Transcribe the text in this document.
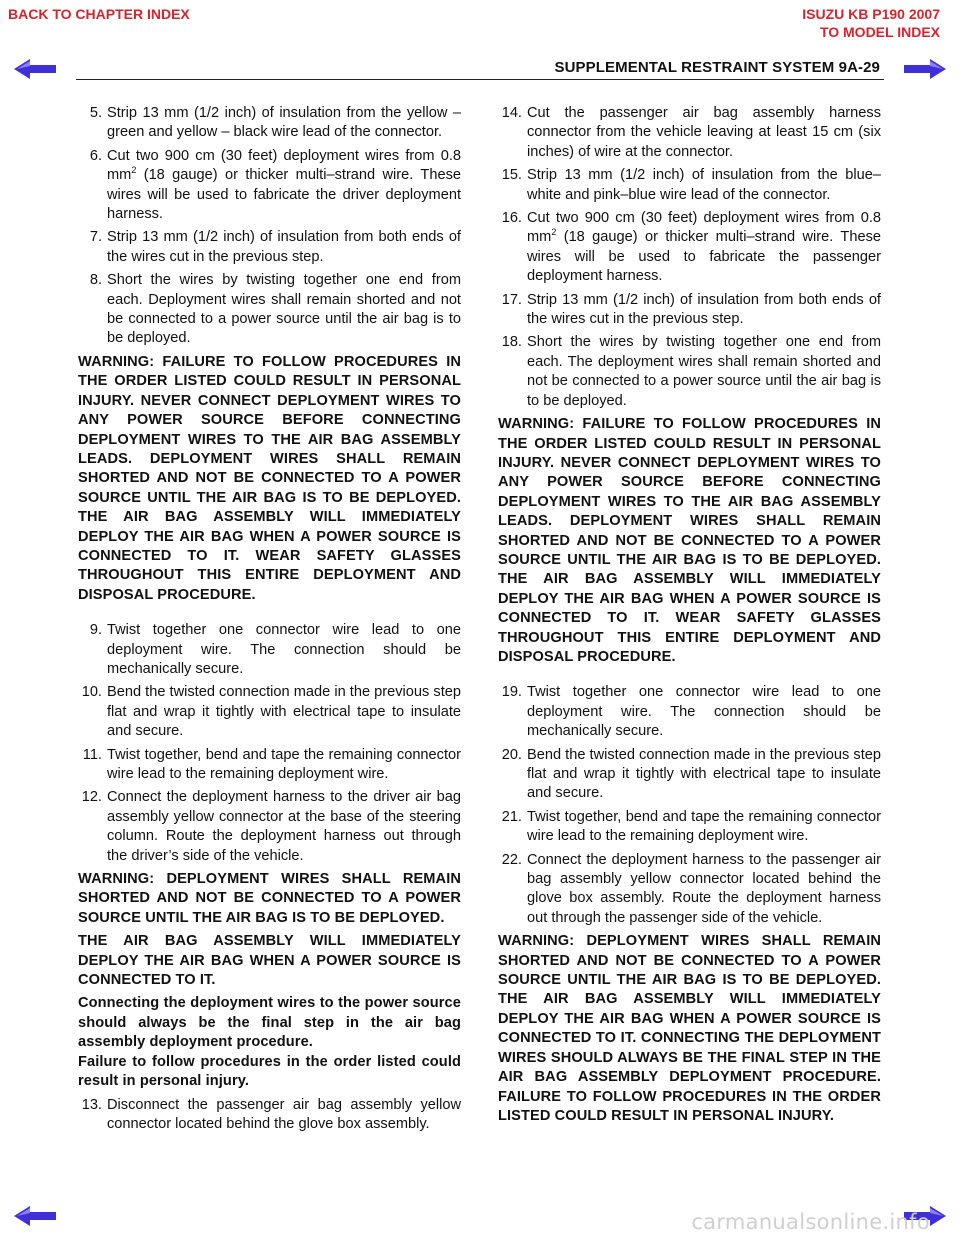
BACK TO CHAPTER INDEX	ISUZU KB P190 2007
TO MODEL INDEX
SUPPLEMENTAL RESTRAINT SYSTEM 9A-29
5. Strip 13 mm (1/2 inch) of insulation from the yellow – green and yellow – black wire lead of the connector.
6. Cut two 900 cm (30 feet) deployment wires from 0.8 $mm^2$ (18 gauge) or thicker multi–strand wire. These wires will be used to fabricate the driver deployment harness.
7. Strip 13 mm (1/2 inch) of insulation from both ends of the wires cut in the previous step.
8. Short the wires by twisting together one end from each. Deployment wires shall remain shorted and not be connected to a power source until the air bag is to be deployed.
WARNING: FAILURE TO FOLLOW PROCEDURES IN THE ORDER LISTED COULD RESULT IN PERSONAL INJURY. NEVER CONNECT DEPLOYMENT WIRES TO ANY POWER SOURCE BEFORE CONNECTING DEPLOYMENT WIRES TO THE AIR BAG ASSEMBLY LEADS. DEPLOYMENT WIRES SHALL REMAIN SHORTED AND NOT BE CONNECTED TO A POWER SOURCE UNTIL THE AIR BAG IS TO BE DEPLOYED. THE AIR BAG ASSEMBLY WILL IMMEDIATELY DEPLOY THE AIR BAG WHEN A POWER SOURCE IS CONNECTED TO IT. WEAR SAFETY GLASSES THROUGHOUT THIS ENTIRE DEPLOYMENT AND DISPOSAL PROCEDURE.
9. Twist together one connector wire lead to one deployment wire. The connection should be mechanically secure.
10. Bend the twisted connection made in the previous step flat and wrap it tightly with electrical tape to insulate and secure.
11. Twist together, bend and tape the remaining connector wire lead to the remaining deployment wire.
12. Connect the deployment harness to the driver air bag assembly yellow connector at the base of the steering column. Route the deployment harness out through the driver’s side of the vehicle.
WARNING: DEPLOYMENT WIRES SHALL REMAIN SHORTED AND NOT BE CONNECTED TO A POWER SOURCE UNTIL THE AIR BAG IS TO BE DEPLOYED.
THE AIR BAG ASSEMBLY WILL IMMEDIATELY DEPLOY THE AIR BAG WHEN A POWER SOURCE IS CONNECTED TO IT.
Connecting the deployment wires to the power source should always be the final step in the air bag assembly deployment procedure.
Failure to follow procedures in the order listed could result in personal injury.
13. Disconnect the passenger air bag assembly yellow connector located behind the glove box assembly.
14. Cut the passenger air bag assembly harness connector from the vehicle leaving at least 15 cm (six inches) of wire at the connector.
15. Strip 13 mm (1/2 inch) of insulation from the blue–white and pink–blue wire lead of the connector.
16. Cut two 900 cm (30 feet) deployment wires from 0.8 $mm^2$ (18 gauge) or thicker multi–strand wire. These wires will be used to fabricate the passenger deployment harness.
17. Strip 13 mm (1/2 inch) of insulation from both ends of the wires cut in the previous step.
18. Short the wires by twisting together one end from each. The deployment wires shall remain shorted and not be connected to a power source until the air bag is to be deployed.
WARNING: FAILURE TO FOLLOW PROCEDURES IN THE ORDER LISTED COULD RESULT IN PERSONAL INJURY. NEVER CONNECT DEPLOYMENT WIRES TO ANY POWER SOURCE BEFORE CONNECTING DEPLOYMENT WIRES TO THE AIR BAG ASSEMBLY LEADS. DEPLOYMENT WIRES SHALL REMAIN SHORTED AND NOT BE CONNECTED TO A POWER SOURCE UNTIL THE AIR BAG IS TO BE DEPLOYED. THE AIR BAG ASSEMBLY WILL IMMEDIATELY DEPLOY THE AIR BAG WHEN A POWER SOURCE IS CONNECTED TO IT. WEAR SAFETY GLASSES THROUGHOUT THIS ENTIRE DEPLOYMENT AND DISPOSAL PROCEDURE.
19. Twist together one connector wire lead to one deployment wire. The connection should be mechanically secure.
20. Bend the twisted connection made in the previous step flat and wrap it tightly with electrical tape to insulate and secure.
21. Twist together, bend and tape the remaining connector wire lead to the remaining deployment wire.
22. Connect the deployment harness to the passenger air bag assembly yellow connector located behind the glove box assembly. Route the deployment harness out through the passenger side of the vehicle.
WARNING: DEPLOYMENT WIRES SHALL REMAIN SHORTED AND NOT BE CONNECTED TO A POWER SOURCE UNTIL THE AIR BAG IS TO BE DEPLOYED. THE AIR BAG ASSEMBLY WILL IMMEDIATELY DEPLOY THE AIR BAG WHEN A POWER SOURCE IS CONNECTED TO IT. CONNECTING THE DEPLOYMENT WIRES SHOULD ALWAYS BE THE FINAL STEP IN THE AIR BAG ASSEMBLY DEPLOYMENT PROCEDURE. FAILURE TO FOLLOW PROCEDURES IN THE ORDER LISTED COULD RESULT IN PERSONAL INJURY.
carmanualsonline.info
